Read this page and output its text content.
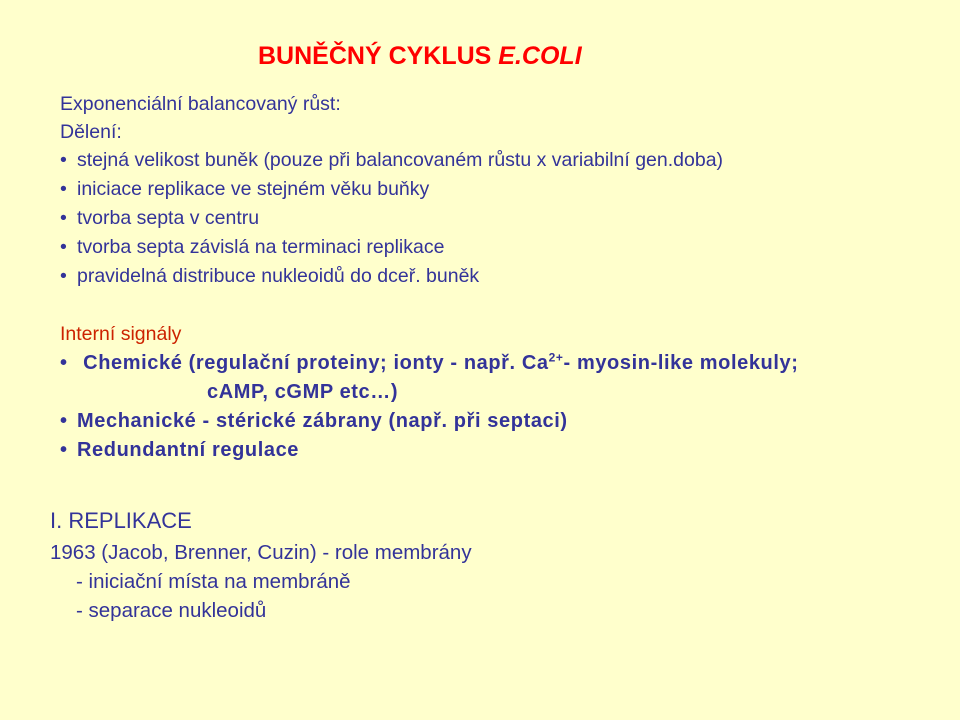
BUNĚČNÝ CYKLUS E.COLI
Exponenciální balancovaný růst:
Dělení:
• stejná velikost buněk (pouze při balancovaném růstu x variabilní gen.doba)
• iniciace replikace ve stejném věku buňky
• tvorba septa v centru
• tvorba septa závislá na terminaci replikace
• pravidelná distribuce nukleoidů do dceř. buněk
Interní signály
• Chemické (regulační proteiny; ionty - např. $Ca^{2+}-$ myosin-like molekuly;
cAMP, cGMP etc…)
• Mechanické - stérické zábrany (např. při septaci)
• Redundantní regulace
I. REPLIKACE
1963 (Jacob, Brenner, Cuzin) - role membrány
- iniciační místa na membráně
- separace nukleoidů
